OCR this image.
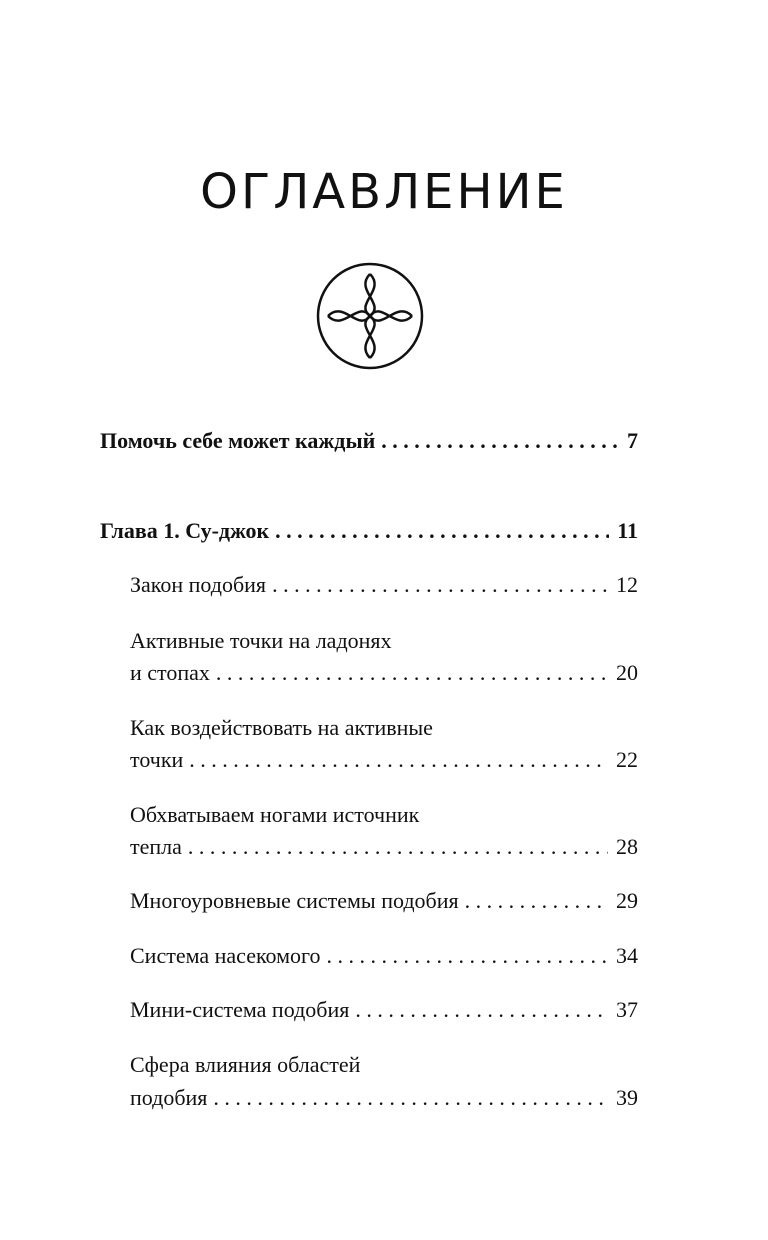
ОГЛАВЛЕНИЕ
Помочь себе может каждый . . .	7
Глава 1. Су-джок . . .	11
Закон подобия . . .	12
Активные точки на ладонях
и стопах . . .	20
Как воздействовать на активные
точки . . .	22
Обхватываем ногами источник
тепла . . .	28
Многоуровневые системы подобия . . .	29
Система насекомого . . .	34
Мини-система подобия . . .	37
Сфера влияния областей
подобия . . .	39
